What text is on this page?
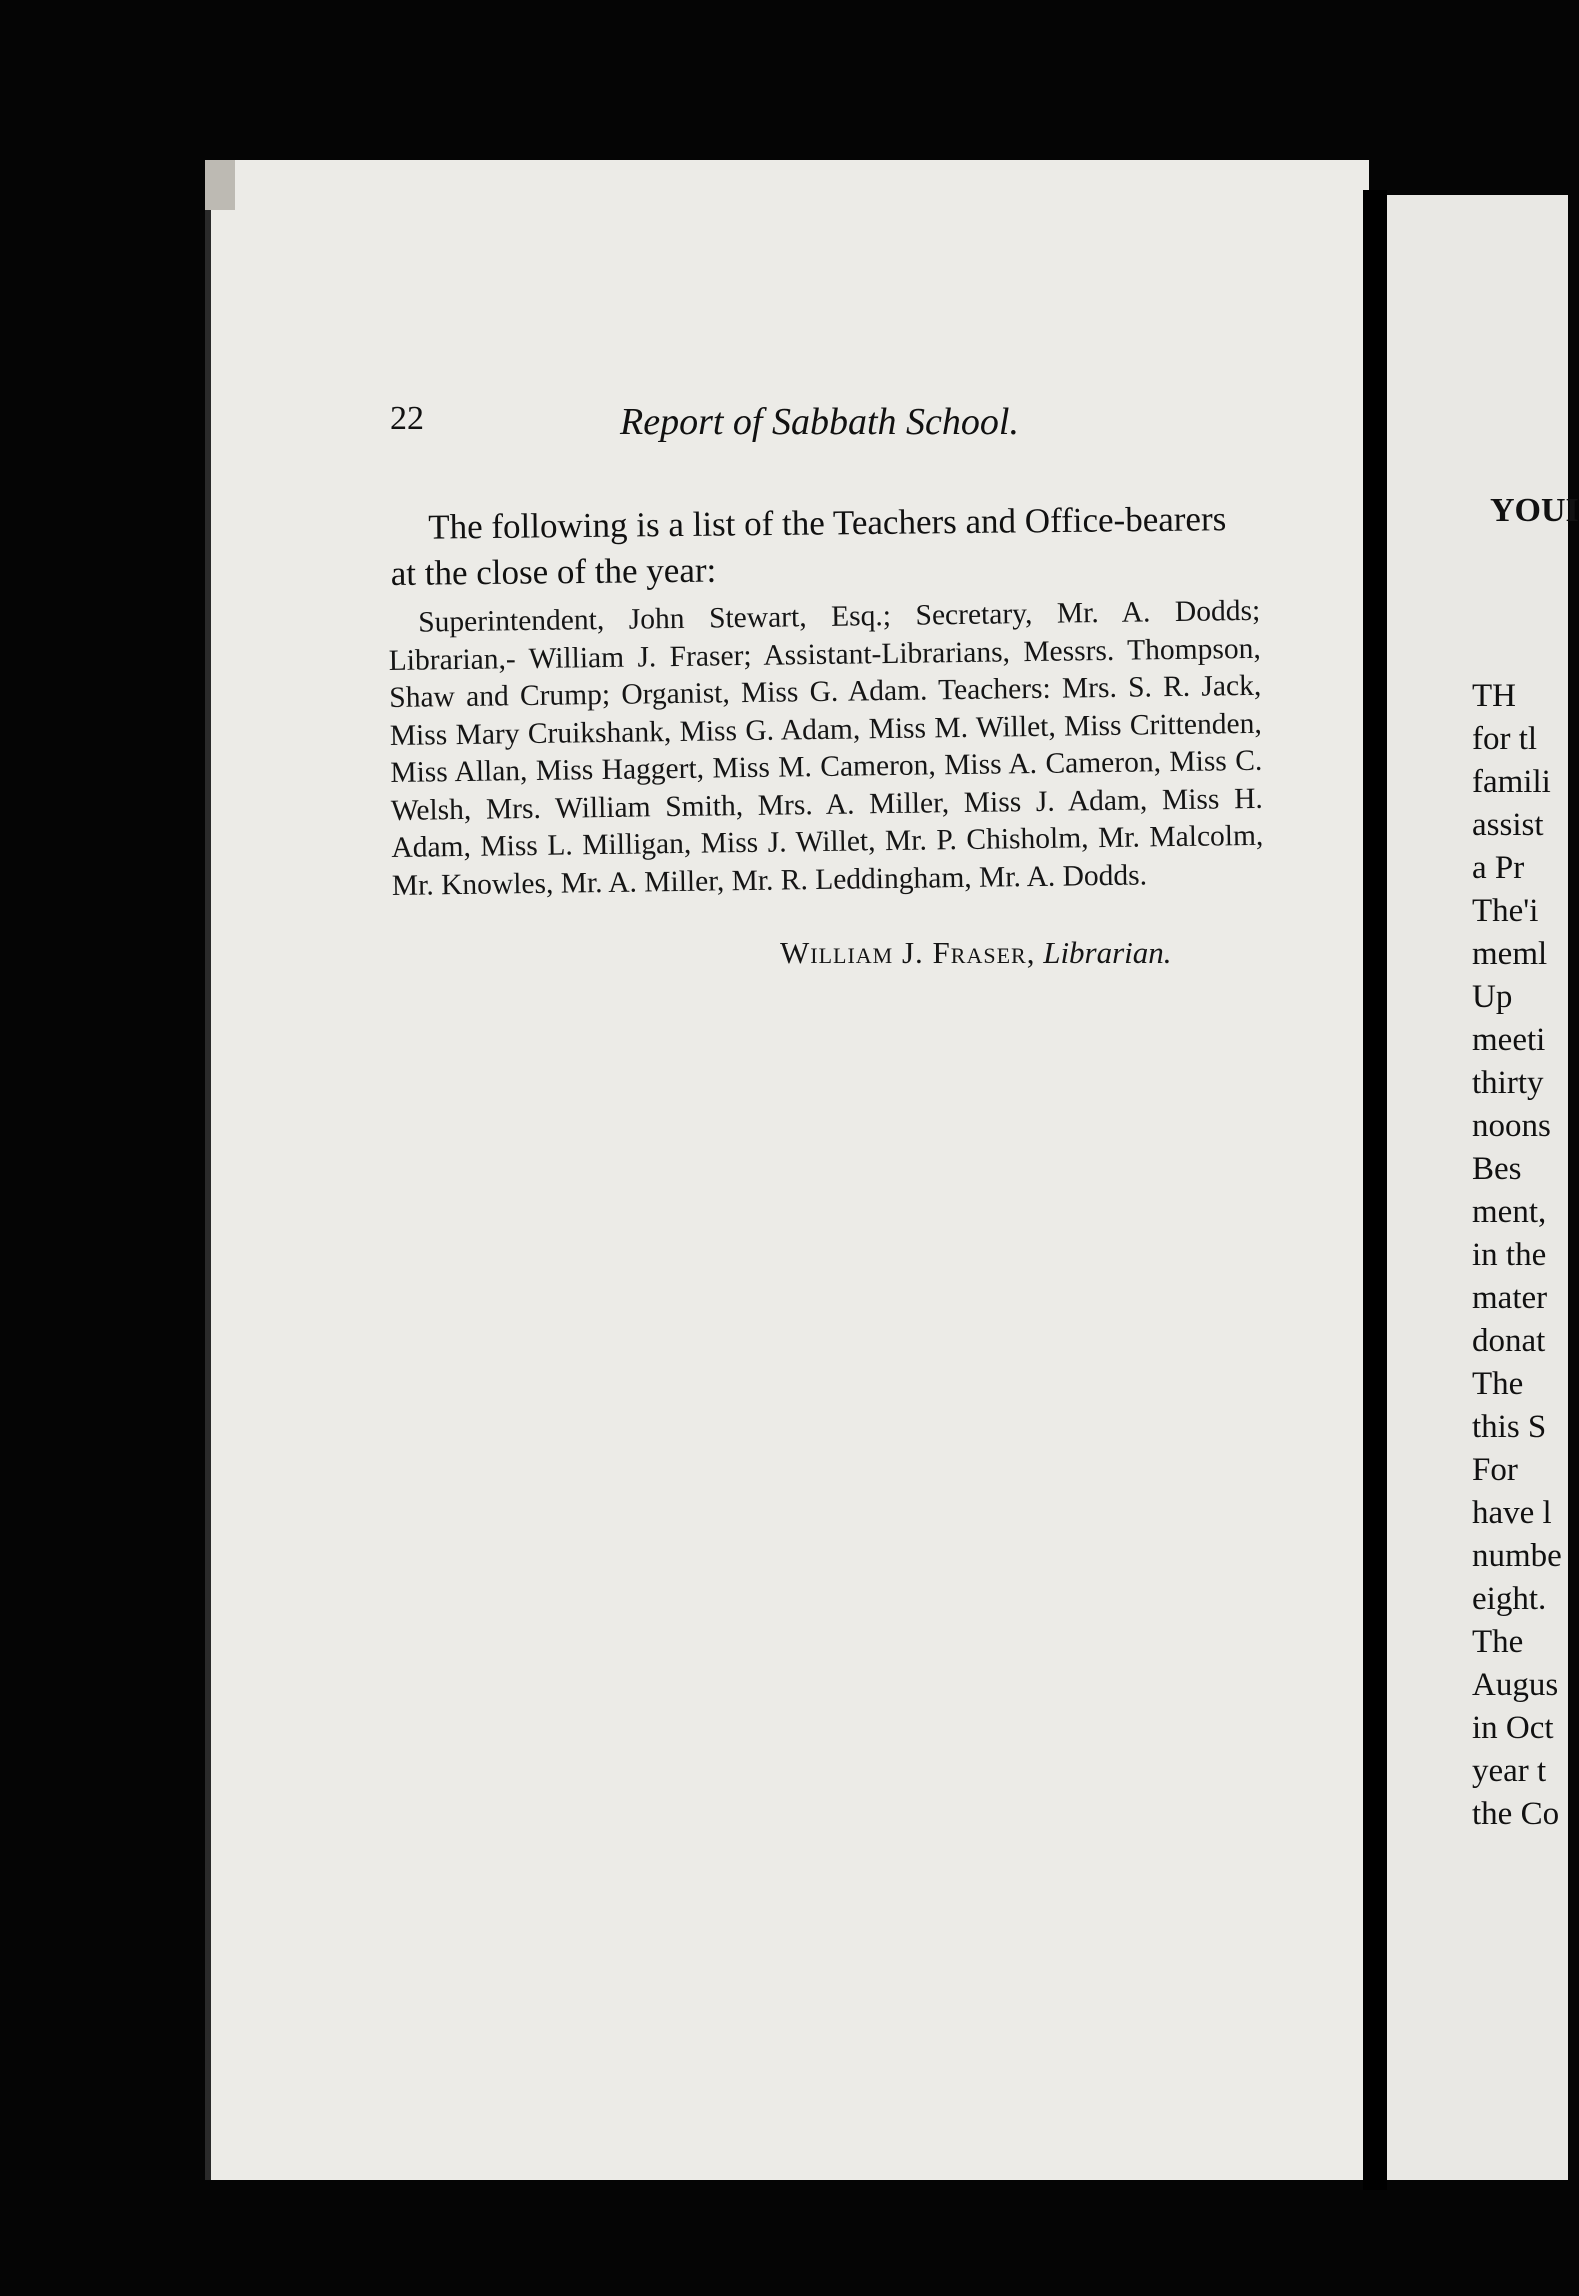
22	Report of Sabbath School.

The following is a list of the Teachers and Office-bearers at the close of the year:

Superintendent, John Stewart, Esq.; Secretary, Mr. A. Dodds; Librarian,- William J. Fraser; Assistant-Librarians, Messrs. Thompson, Shaw and Crump; Organist, Miss G. Adam. Teachers: Mrs. S. R. Jack, Miss Mary Cruikshank, Miss G. Adam, Miss M. Willet, Miss Crittenden, Miss Allan, Miss Haggert, Miss M. Cameron, Miss A. Cameron, Miss C. Welsh, Mrs. William Smith, Mrs. A. Miller, Miss J. Adam, Miss H. Adam, Miss L. Milligan, Miss J. Willet, Mr. P. Chisholm, Mr. Malcolm, Mr. Knowles, Mr. A. Miller, Mr. R. Leddingham, Mr. A. Dodds.

William J. Fraser, Librarian.
YOUI
TH
for tl
famili
assist
a Pr
The'i
meml
Up
meeti
thirty
noons
Bes
ment,
in the
mater
donat
The
this S
For
have l
numbe
eight.
The
Augus
in Oct
year t
the Co
